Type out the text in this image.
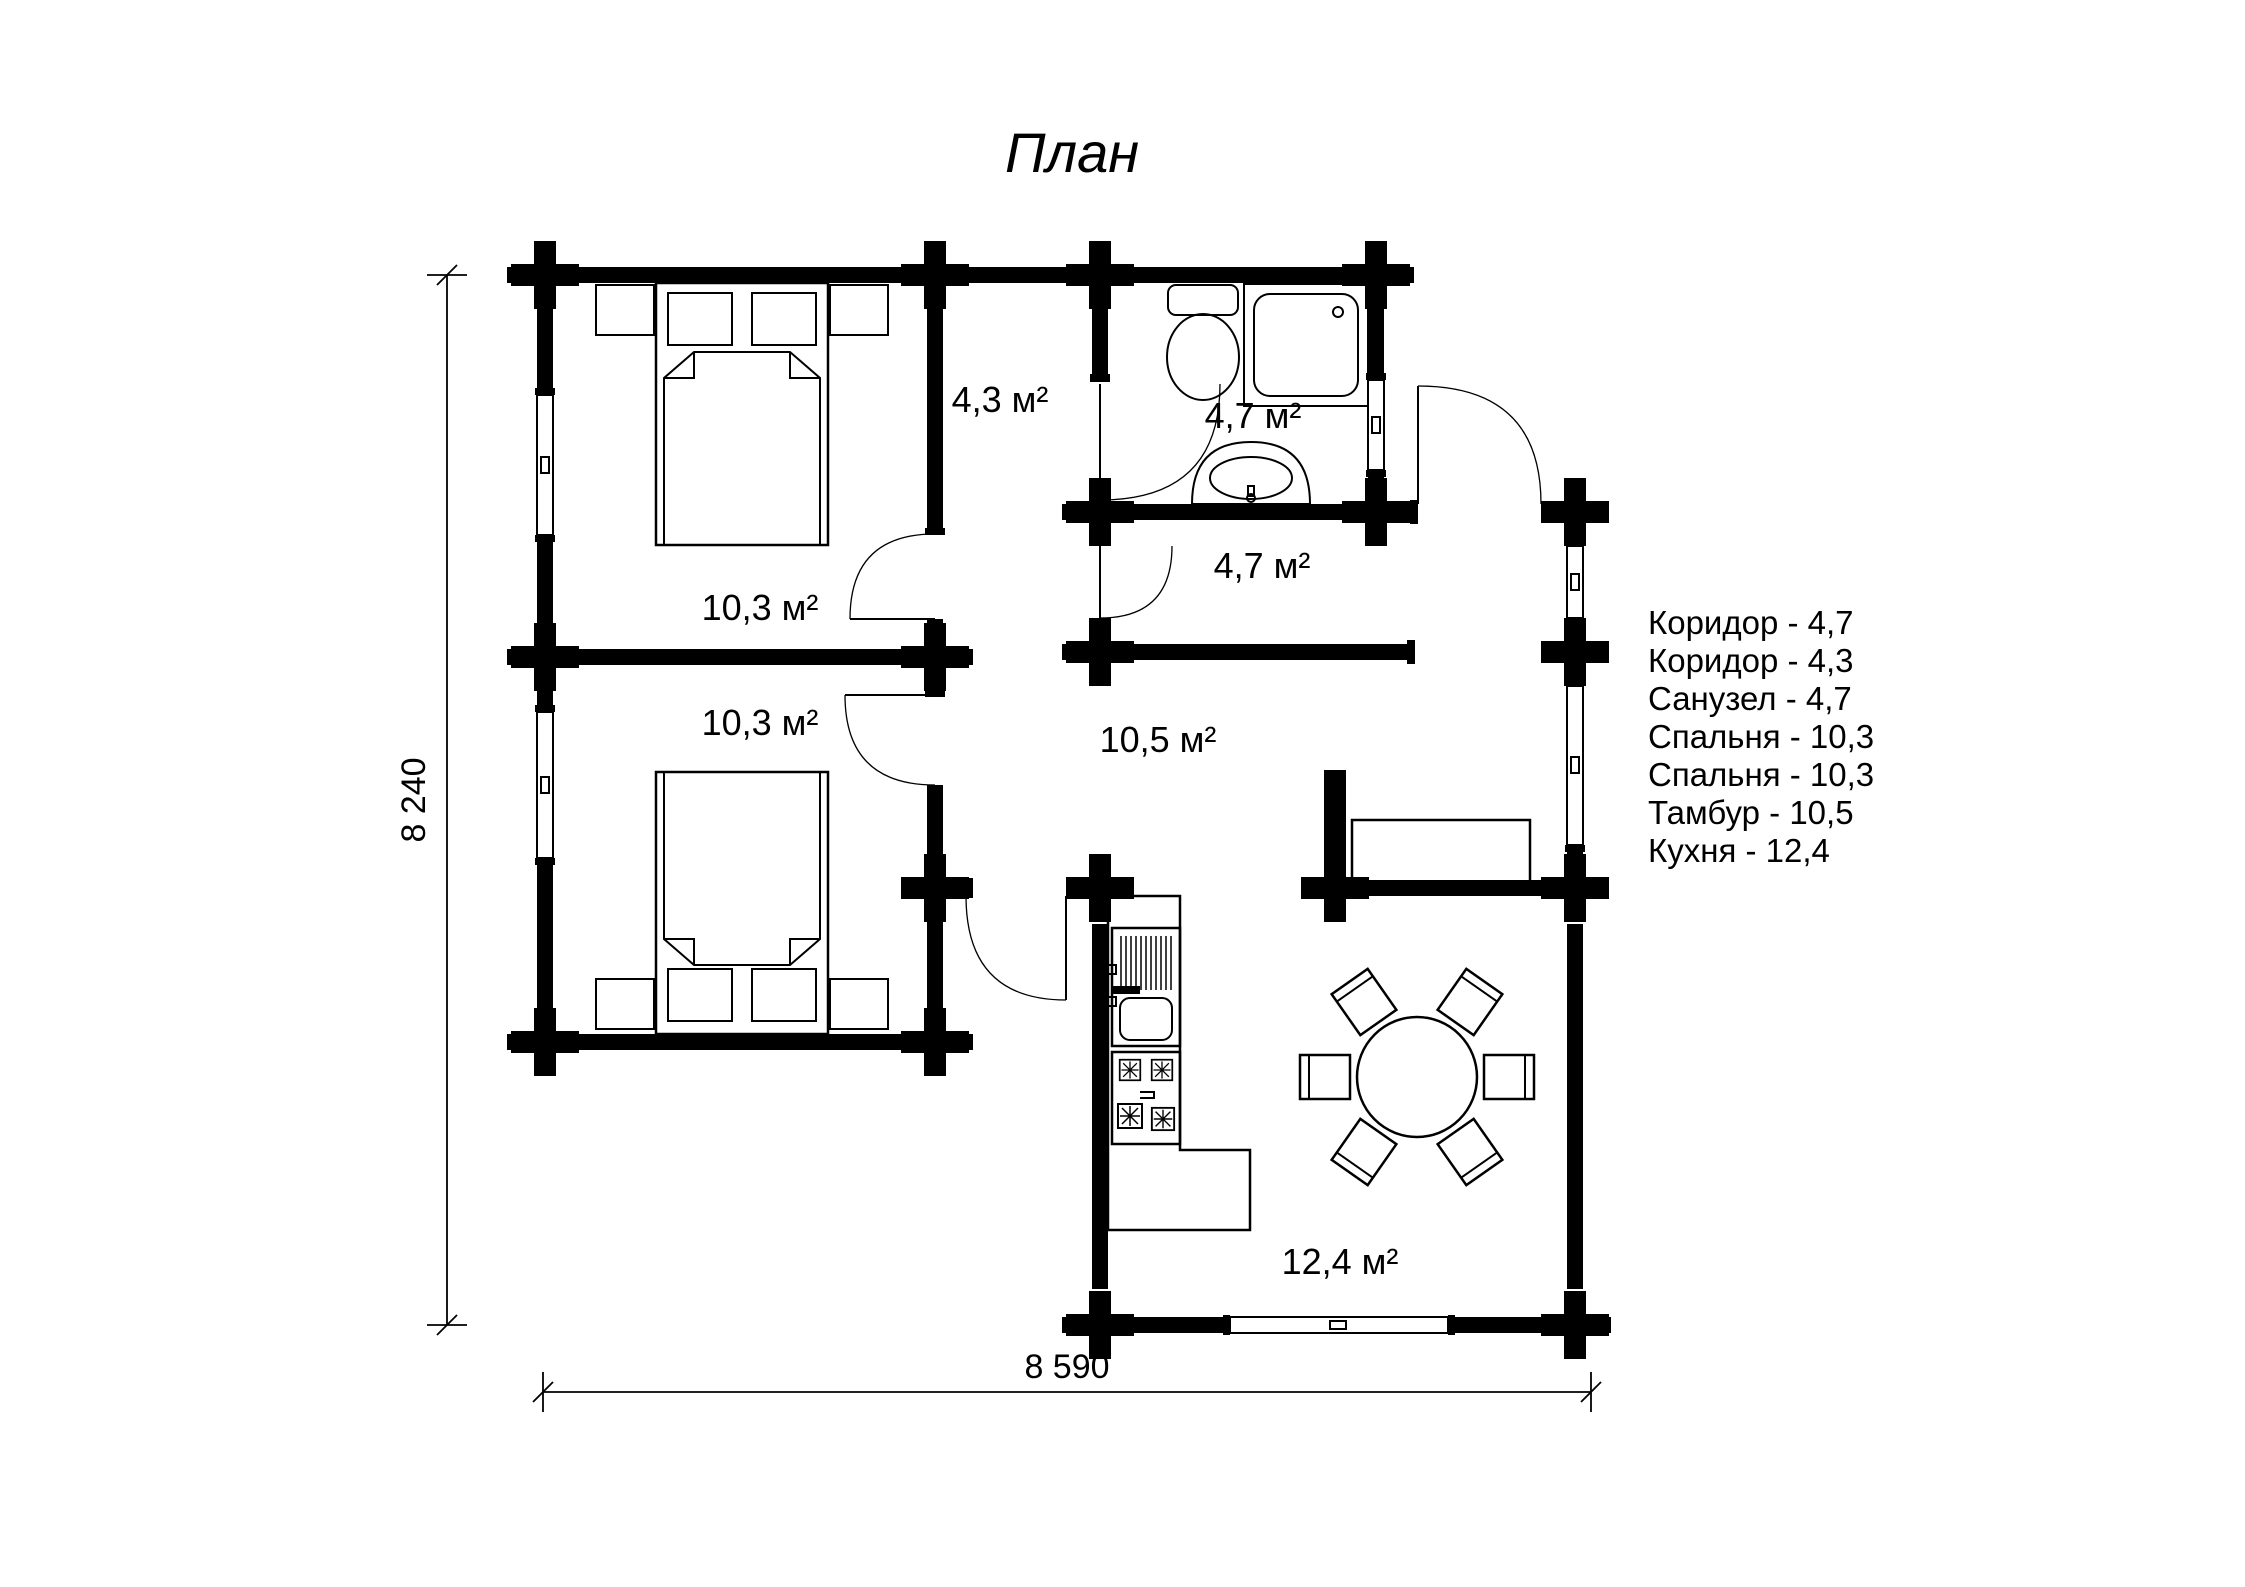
4,3 м²	4,7 м²
4,7 м²
10,3 м²
10,3 м²	10,5 м²
12,4 м²
План
Коридор - 4,7
Коридор - 4,3
Санузел - 4,7
Спальня - 10,3
Спальня - 10,3
Тамбур - 10,5
Кухня - 12,4
8 240
8 590
